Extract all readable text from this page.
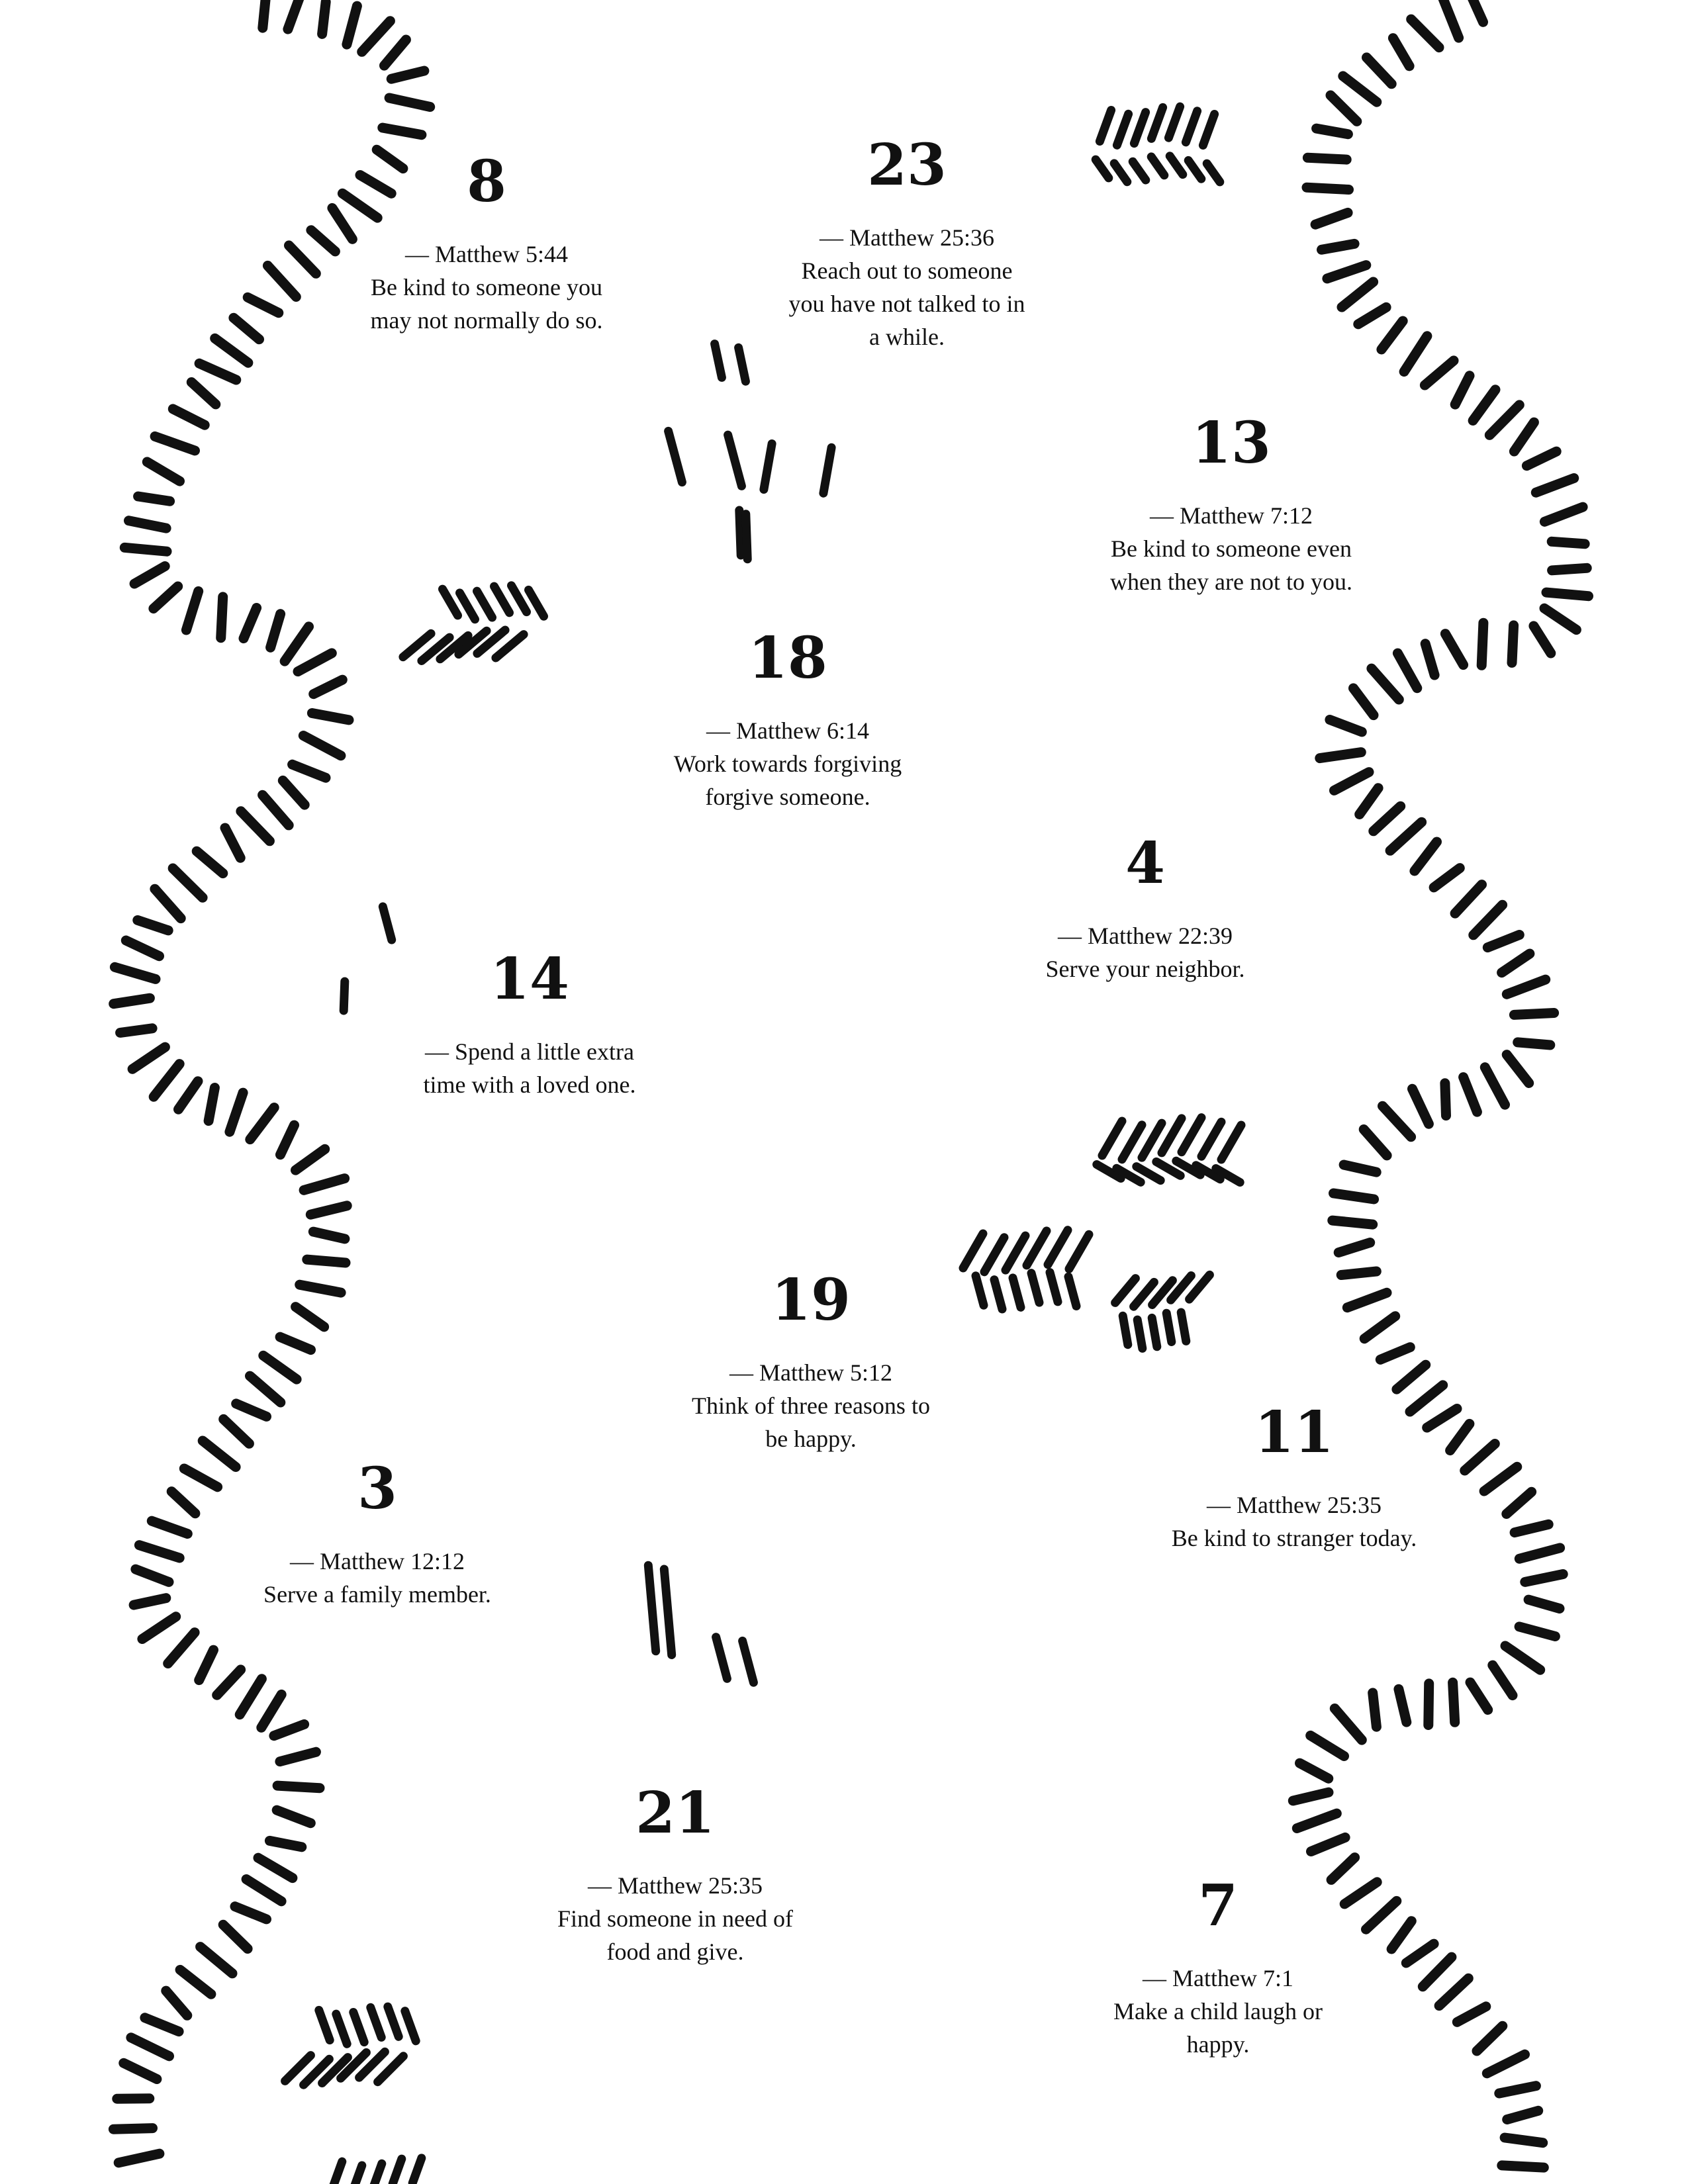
8
— Matthew 5:44
Be kind to someone you may not normally do so.
23
— Matthew 25:36
Reach out to someone you have not talked to in a while.
13
— Matthew 7:12
Be kind to someone even when they are not to you.
18
— Matthew 6:14
Work towards forgiving forgive someone.
4
— Matthew 22:39
Serve your neighbor.
14
— Spend a little extra time with a loved one.
19
— Matthew 5:12
Think of three reasons to be happy.	11
— Matthew 25:35
Be kind to stranger today.
3
— Matthew 12:12
Serve a family member.
21
— Matthew 25:35
Find someone in need of food and give.
7
— Matthew 7:1
Make a child laugh or happy.
